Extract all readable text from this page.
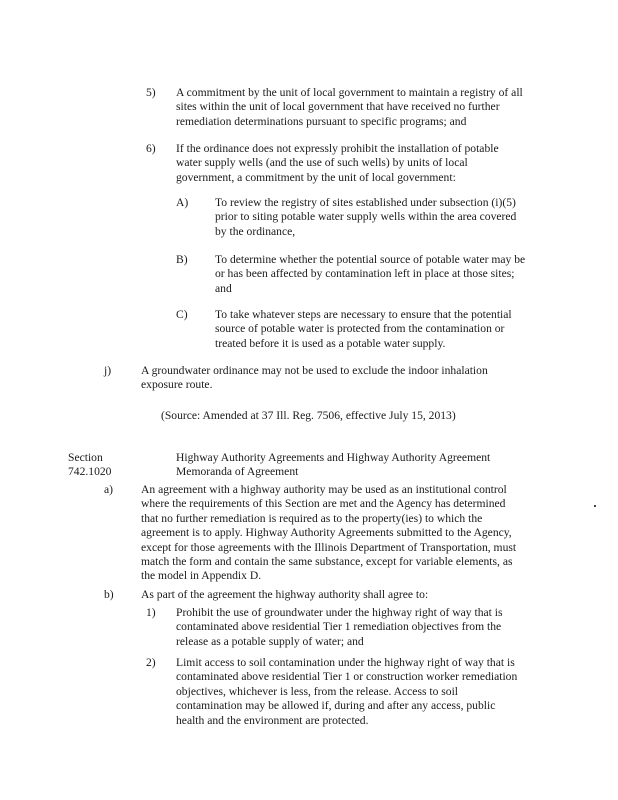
5) A commitment by the unit of local government to maintain a registry of all
sites within the unit of local government that have received no further
remediation determinations pursuant to specific programs; and
6) If the ordinance does not expressly prohibit the installation of potable
water supply wells (and the use of such wells) by units of local
government, a commitment by the unit of local government:
A) To review the registry of sites established under subsection (i)(5)
prior to siting potable water supply wells within the area covered
by the ordinance,
B) To determine whether the potential source of potable water may be
or has been affected by contamination left in place at those sites;
and
C) To take whatever steps are necessary to ensure that the potential
source of potable water is protected from the contamination or
treated before it is used as a potable water supply.
j)	A groundwater ordinance may not be used to exclude the indoor inhalation
exposure route.
(Source: Amended at 37 Ill. Reg. 7506, effective July 15, 2013)
Section 742.1020
Highway Authority Agreements and Highway Authority Agreement
Memoranda of Agreement
a) An agreement with a highway authority may be used as an institutional control
where the requirements of this Section are met and the Agency has determined
that no further remediation is required as to the property(ies) to which the
agreement is to apply. Highway Authority Agreements submitted to the Agency,
except for those agreements with the Illinois Department of Transportation, must
match the form and contain the same substance, except for variable elements, as
the model in Appendix D.
b) As part of the agreement the highway authority shall agree to:
1) Prohibit the use of groundwater under the highway right of way that is
contaminated above residential Tier 1 remediation objectives from the
release as a potable supply of water; and
2) Limit access to soil contamination under the highway right of way that is
contaminated above residential Tier 1 or construction worker remediation
objectives, whichever is less, from the release. Access to soil
contamination may be allowed if, during and after any access, public
health and the environment are protected.
